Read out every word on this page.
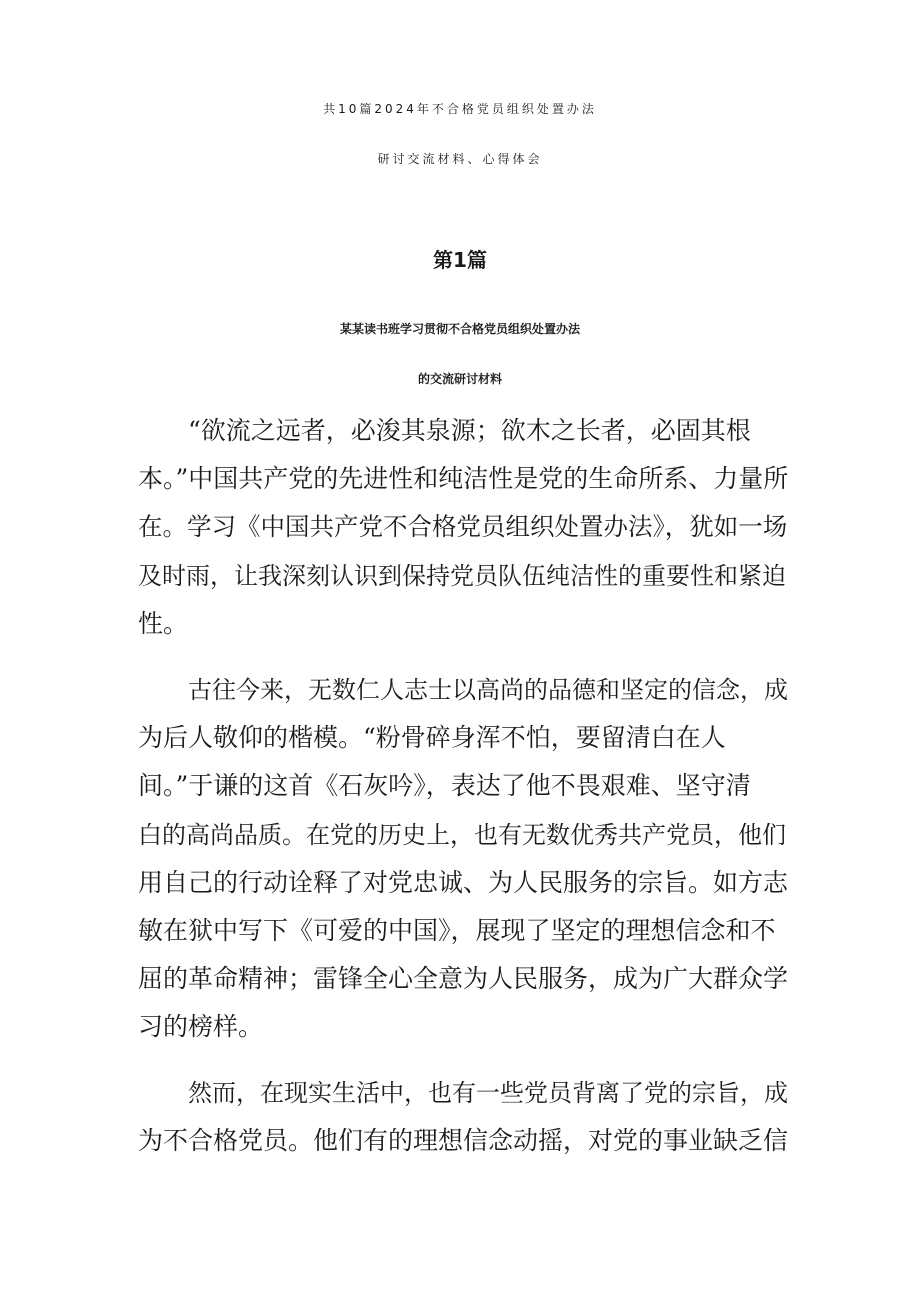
共10篇2024年不合格党员组织处置办法
研讨交流材料、心得体会
第1篇
某某读书班学习贯彻不合格党员组织处置办法
的交流研讨材料
“欲流之远者，必浚其泉源；欲木之长者，必固其根
本。”中国共产党的先进性和纯洁性是党的生命所系、力量所
在。学习《中国共产党不合格党员组织处置办法》，犹如一场
及时雨，让我深刻认识到保持党员队伍纯洁性的重要性和紧迫
性。
古往今来，无数仁人志士以高尚的品德和坚定的信念，成
为后人敬仰的楷模。“粉骨碎身浑不怕，要留清白在人
间。”于谦的这首《石灰吟》，表达了他不畏艰难、坚守清
白的高尚品质。在党的历史上，也有无数优秀共产党员，他们
用自己的行动诠释了对党忠诚、为人民服务的宗旨。如方志
敏在狱中写下《可爱的中国》，展现了坚定的理想信念和不
屈的革命精神；雷锋全心全意为人民服务，成为广大群众学
习的榜样。
然而，在现实生活中，也有一些党员背离了党的宗旨，成
为不合格党员。他们有的理想信念动摇，对党的事业缺乏信
